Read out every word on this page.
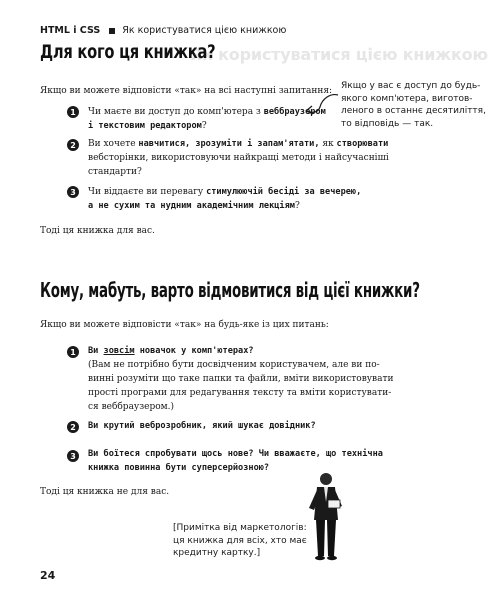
HTML і CSS Як користуватися цією книжкою
Як користуватися цією книжкою
Для кого ця книжка?
Якщо ви можете відповісти «так» на всі наступні запитання:
1	Чи маєте ви доступ до комп'ютера з веббраузером
і текстовим редактором?
2	Ви хочете навчитися, зрозуміти і запам'ятати, як створювати
вебсторінки, використовуючи найкращі методи і найсучасніші
стандарти?
3	Чи віддаєте ви перевагу стимулюючій бесіді за вечерею,
а не сухим та нудним академічним лекціям?
Тоді ця книжка для вас.
Якщо у вас є доступ до будь-
якого комп'ютера, виготов-
леного в останнє десятиліття,
то відповідь — так.
Кому, мабуть, варто відмовитися від цієї книжки?
Якщо ви можете відповісти «так» на будь-яке із цих питань:
1	Ви зовсім новачок у комп'ютерах?
(Вам не потрібно бути досвідченим користувачем, але ви по-
винні розуміти що таке папки та файли, вміти використовувати
прості програми для редагування тексту та вміти користувати-
ся веббраузером.)
2	Ви крутий веброзробник, який шукає довідник?
3	Ви боїтеся спробувати щось нове? Чи вважаєте, що технічна
книжка повинна бути суперсерйозною?
Тоді ця книжка не для вас.
[Примітка від маркетологів:
ця книжка для всіх, хто має
кредитну картку.]
24
